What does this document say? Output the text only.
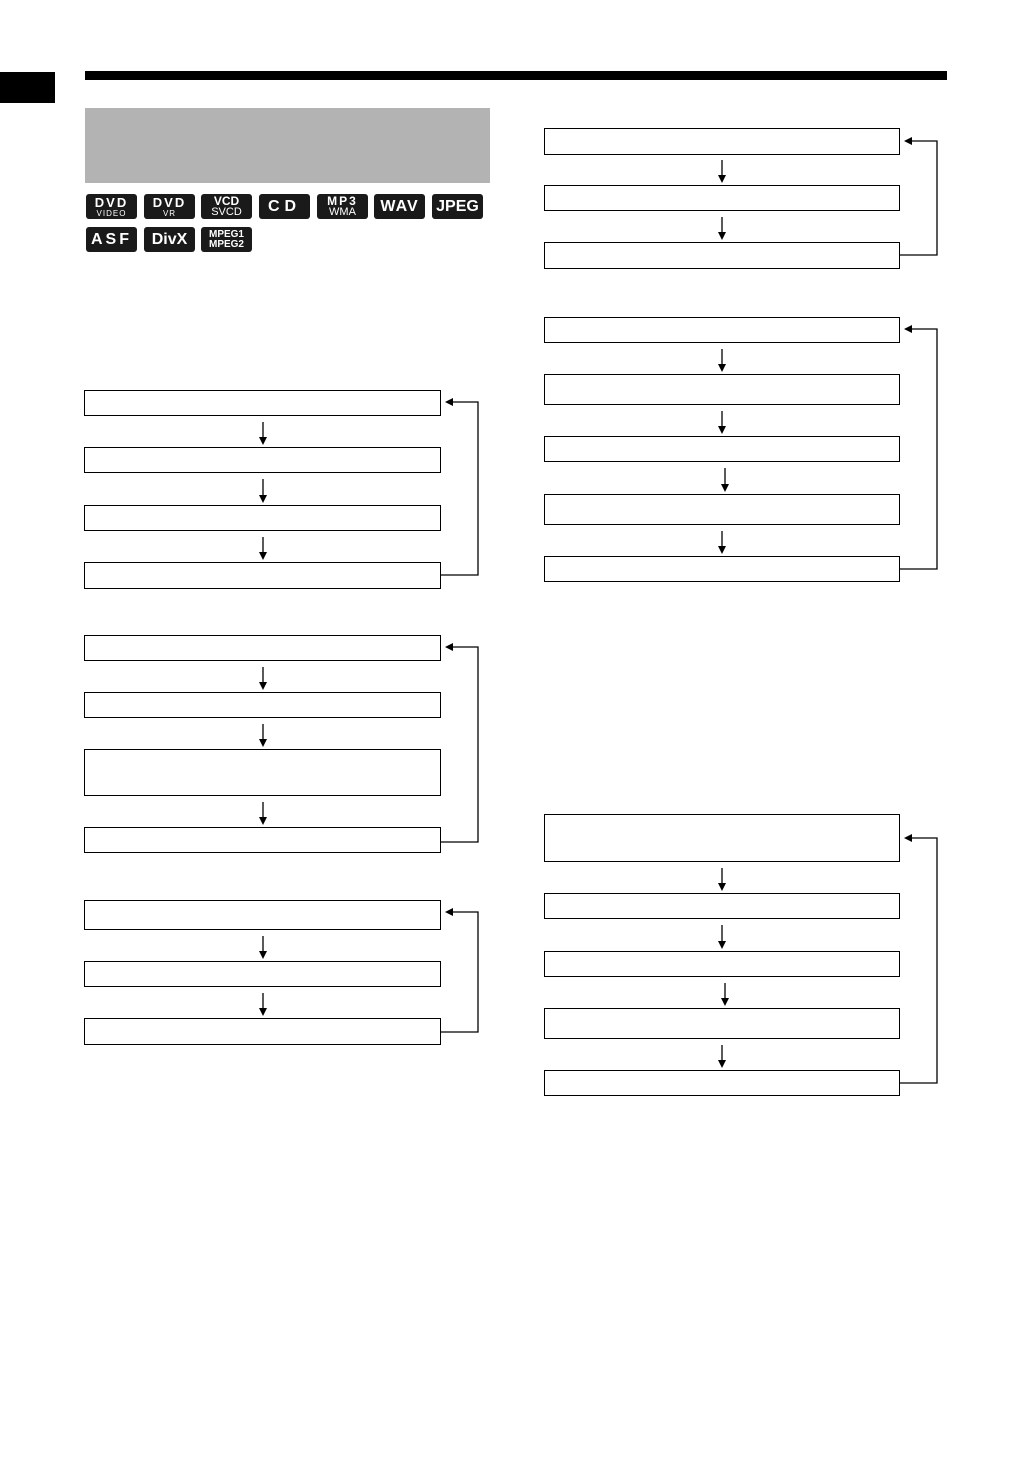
DVD
VIDEO
DVD
VR
VCD
SVCD CD MP3
WMA WAV JPEG
ASF DivX MPEG1
MPEG2
